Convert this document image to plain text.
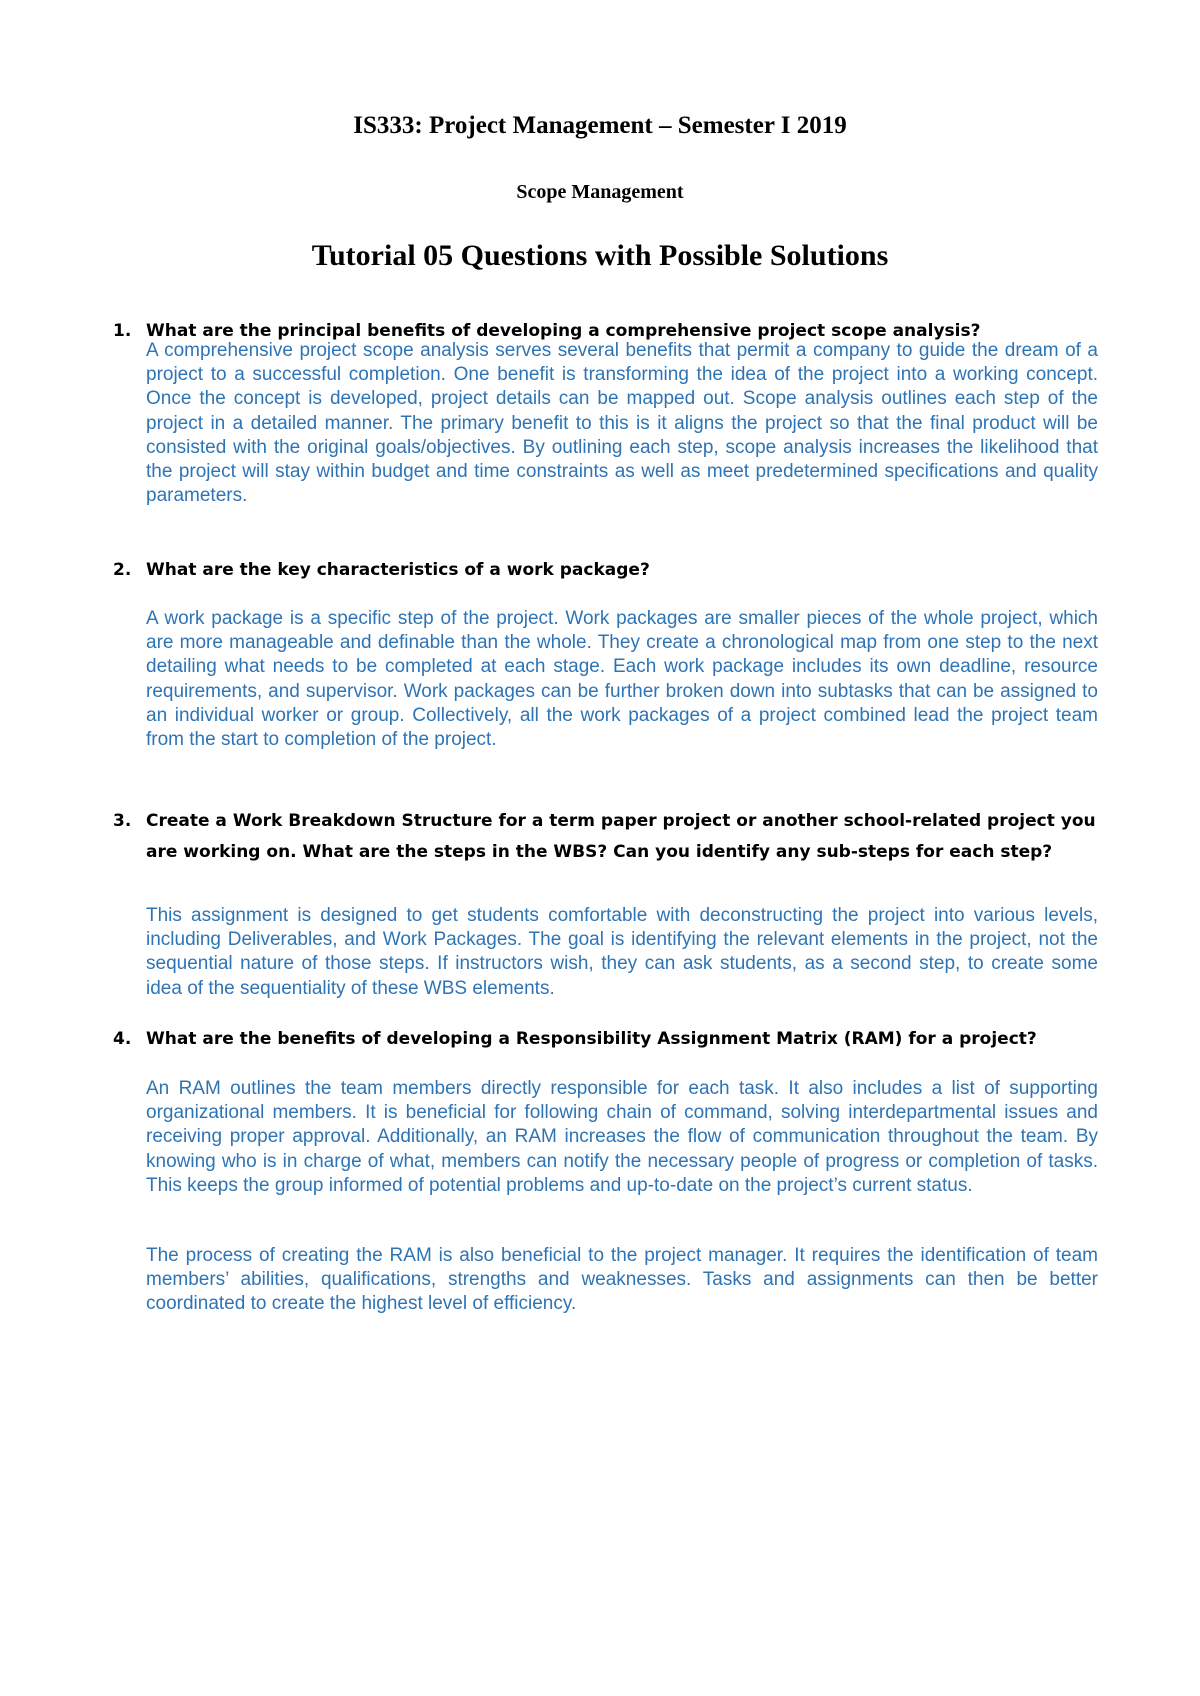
IS333: Project Management – Semester I 2019
Scope Management
Tutorial 05 Questions with Possible Solutions
1. What are the principal benefits of developing a comprehensive project scope analysis?
A comprehensive project scope analysis serves several benefits that permit a company to guide the dream of a project to a successful completion. One benefit is transforming the idea of the project into a working concept. Once the concept is developed, project details can be mapped out. Scope analysis outlines each step of the project in a detailed manner. The primary benefit to this is it aligns the project so that the final product will be consisted with the original goals/objectives. By outlining each step, scope analysis increases the likelihood that the project will stay within budget and time constraints as well as meet predetermined specifications and quality parameters.
2. What are the key characteristics of a work package?
A work package is a specific step of the project. Work packages are smaller pieces of the whole project, which are more manageable and definable than the whole. They create a chronological map from one step to the next detailing what needs to be completed at each stage. Each work package includes its own deadline, resource requirements, and supervisor. Work packages can be further broken down into subtasks that can be assigned to an individual worker or group. Collectively, all the work packages of a project combined lead the project team from the start to completion of the project.
3. Create a Work Breakdown Structure for a term paper project or another school-related project you are working on. What are the steps in the WBS? Can you identify any sub-steps for each step?
This assignment is designed to get students comfortable with deconstructing the project into various levels, including Deliverables, and Work Packages. The goal is identifying the relevant elements in the project, not the sequential nature of those steps. If instructors wish, they can ask students, as a second step, to create some idea of the sequentiality of these WBS elements.
4. What are the benefits of developing a Responsibility Assignment Matrix (RAM) for a project?
An RAM outlines the team members directly responsible for each task. It also includes a list of supporting organizational members. It is beneficial for following chain of command, solving interdepartmental issues and receiving proper approval. Additionally, an RAM increases the flow of communication throughout the team. By knowing who is in charge of what, members can notify the necessary people of progress or completion of tasks. This keeps the group informed of potential problems and up-to-date on the project’s current status.
The process of creating the RAM is also beneficial to the project manager. It requires the identification of team members’ abilities, qualifications, strengths and weaknesses. Tasks and assignments can then be better coordinated to create the highest level of efficiency.
